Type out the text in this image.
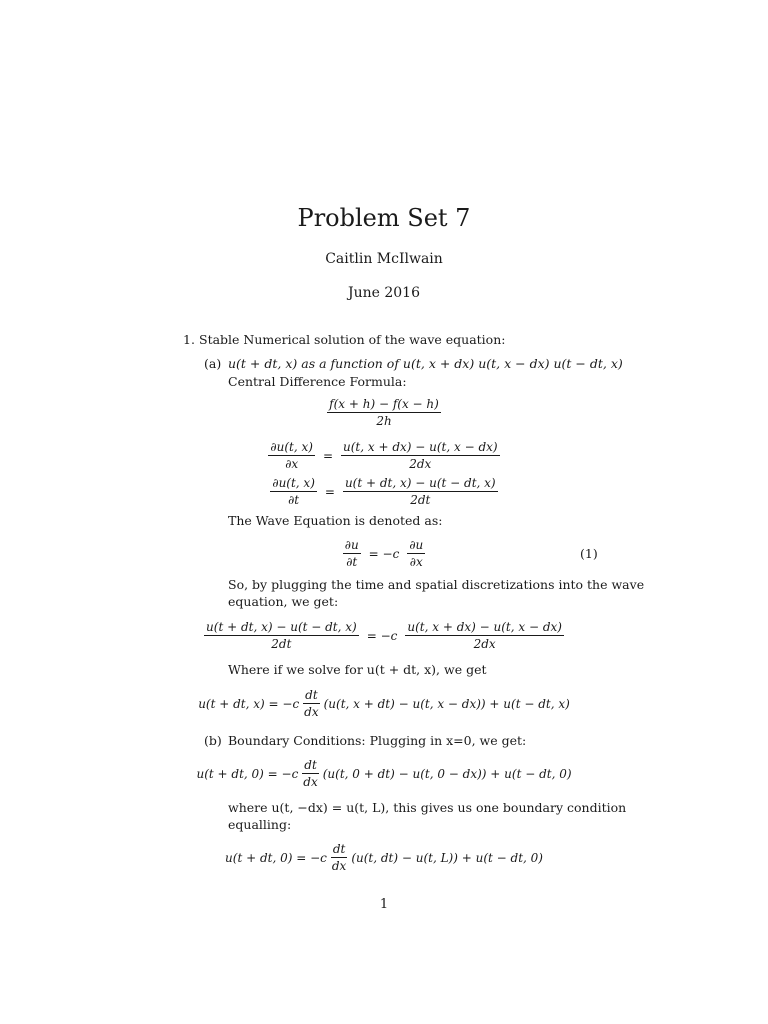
Problem Set 7
Caitlin McIlwain
June 2016
1. Stable Numerical solution of the wave equation:
(a) u(t + dt, x) as a function of u(t, x + dx) u(t, x − dx) u(t − dt, x)
Central Difference Formula:
$\frac{f(x + h) - f(x - h)}{2h}$
$\frac{\partial u(t, x)}{\partial x} = \frac{u(t, x + dx) - u(t, x - dx)}{2dx}$
$\frac{\partial u(t, x)}{\partial t} = \frac{u(t + dt, x) - u(t - dt, x)}{2dt}$
The Wave Equation is denoted as:
$\frac{\partial u}{\partial t} = -c \frac{\partial u}{\partial x}$	(1)
So, by plugging the time and spatial discretizations into the wave
equation, we get:
$\frac{u(t + dt, x) - u(t - dt, x)}{2dt} = -c \frac{u(t, x + dx) - u(t, x - dx)}{2dx}$
Where if we solve for u(t + dt, x), we get
u(t + dt, $x) = -c \frac{dt}{dx} (u(t$, x + dt) − u(t, x − dx)) + u(t − dt, x)
(b) Boundary Conditions: Plugging in x=0, we get:
u(t + dt, $0) = -c \frac{dt}{dx} (u(t$, 0 + dt) − u(t, 0 − dx)) + u(t − dt, 0)
where u(t, −dx) = u(t, L), this gives us one boundary condition
equalling:
u(t + dt, $0) = -c \frac{dt}{dx} (u(t$, dt) − u(t, L)) + u(t − dt, 0)
1
